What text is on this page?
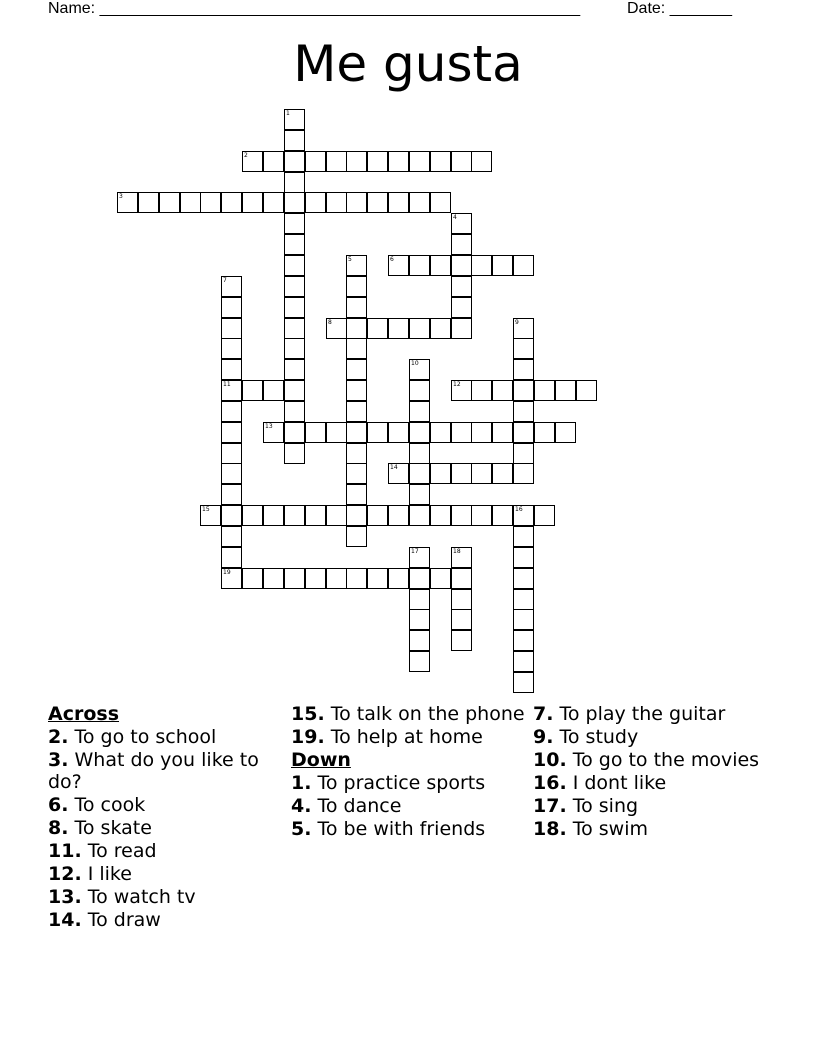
Name: ______________________________________________________	Date: _______
Me gusta
1
2
3
4
5	6
7
11
19
8	9
10
12
13
14
15	16
17	18
Across
2. To go to school
3. What do you like to do?
6. To cook
8. To skate
11. To read
12. I like
13. To watch tv
14. To draw
15. To talk on the phone
19. To help at home
Down
1. To practice sports
4. To dance
5. To be with friends
7. To play the guitar
9. To study
10. To go to the movies
16. I dont like
17. To sing
18. To swim
